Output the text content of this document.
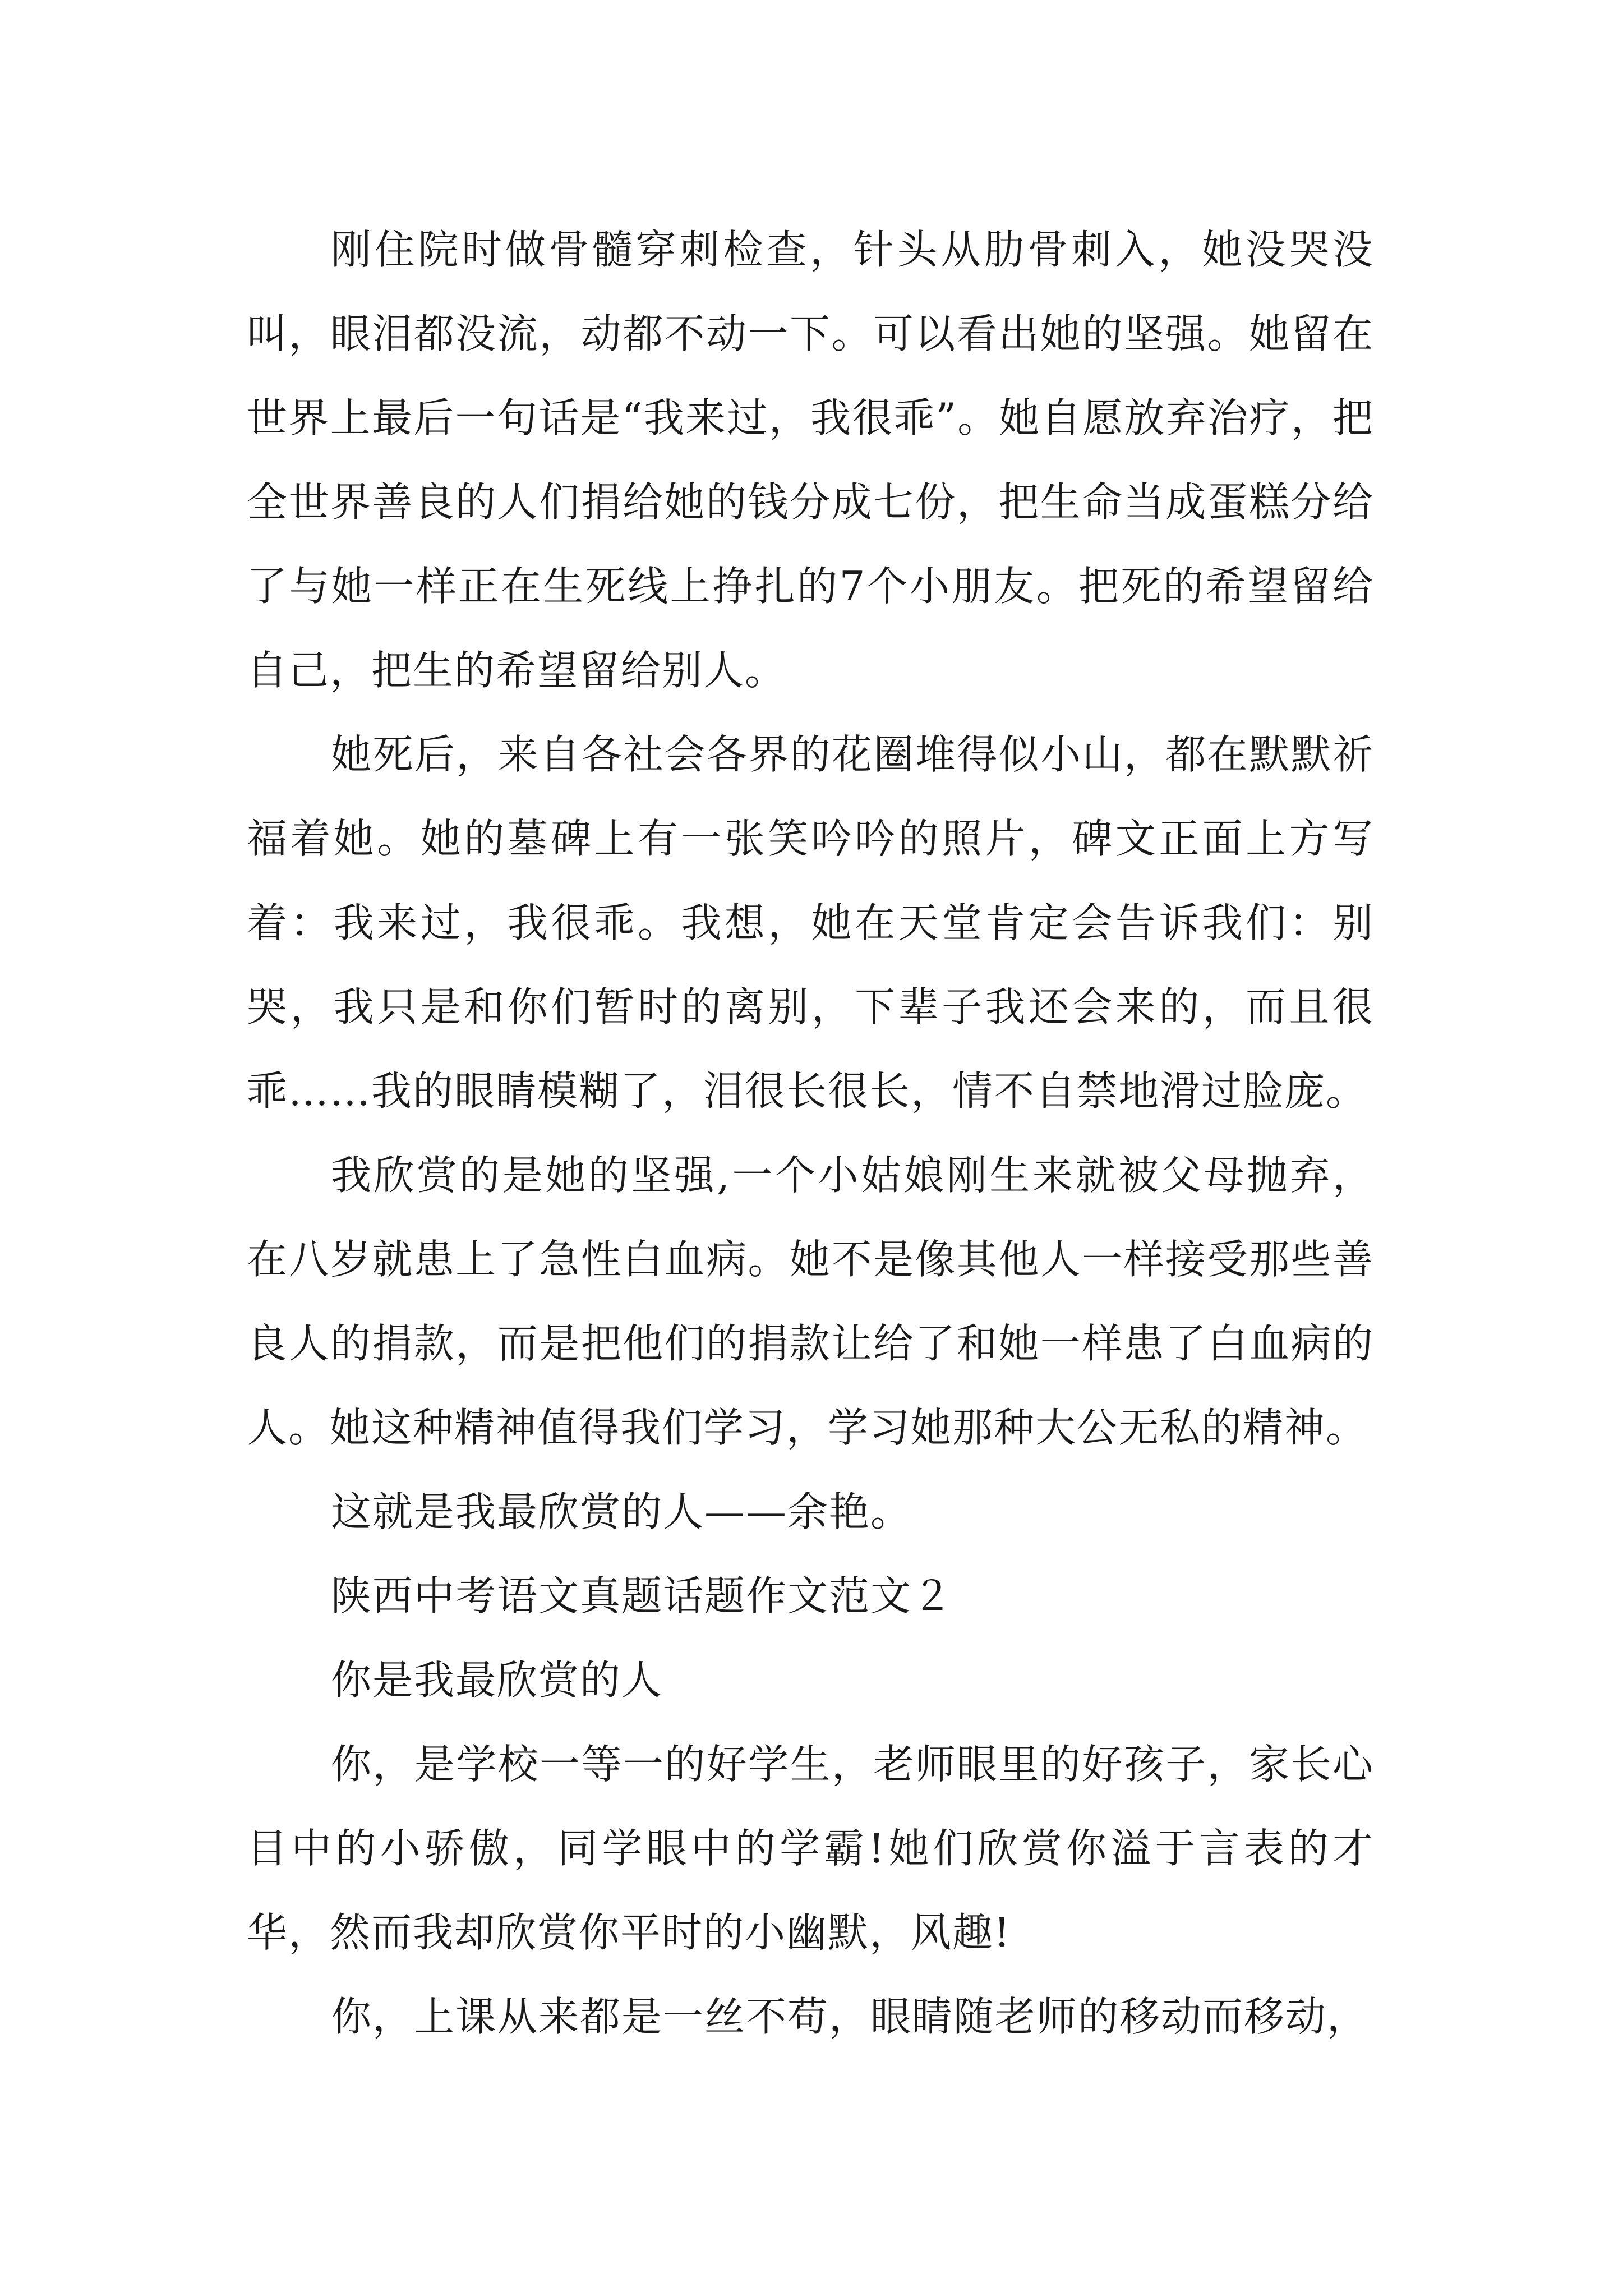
刚住院时做骨髓穿刺检查，针头从肋骨刺入，她没哭没叫，眼泪都没流，动都不动一下。可以看出她的坚强。她留在世界上最后一句话是“我来过，我很乖”。她自愿放弃治疗，把全世界善良的人们捐给她的钱分成七份，把生命当成蛋糕分给了与她一样正在生死线上挣扎的7个小朋友。把死的希望留给自己，把生的希望留给别人。

她死后，来自各社会各界的花圈堆得似小山，都在默默祈福着她。她的墓碑上有一张笑吟吟的照片，碑文正面上方写着：我来过，我很乖。我想，她在天堂肯定会告诉我们：别哭，我只是和你们暂时的离别，下辈子我还会来的，而且很乖……我的眼睛模糊了，泪很长很长，情不自禁地滑过脸庞。

我欣赏的是她的坚强,一个小姑娘刚生来就被父母抛弃，在八岁就患上了急性白血病。她不是像其他人一样接受那些善良人的捐款，而是把他们的捐款让给了和她一样患了白血病的人。她这种精神值得我们学习，学习她那种大公无私的精神。

这就是我最欣赏的人——余艳。

陕西中考语文真题话题作文范文２

你是我最欣赏的人

你，是学校一等一的好学生，老师眼里的好孩子，家长心目中的小骄傲，同学眼中的学霸!她们欣赏你溢于言表的才华，然而我却欣赏你平时的小幽默，风趣!

你，上课从来都是一丝不苟，眼睛随老师的移动而移动，
